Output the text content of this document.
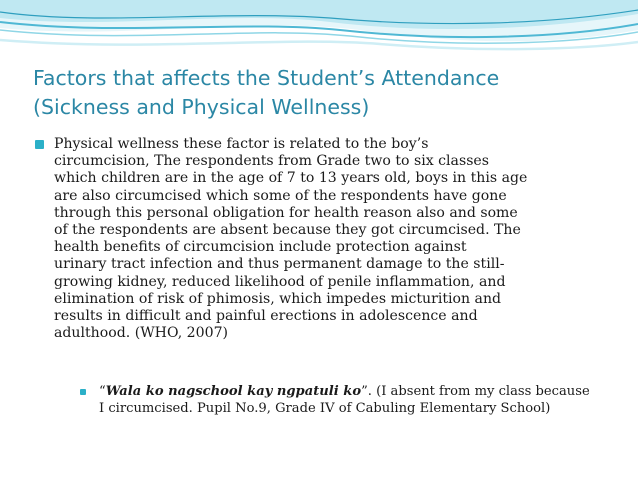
Factors that affects the Student’s Attendance
(Sickness and Physical Wellness)
Physical wellness these factor is related to the boy’s
circumcision, The respondents from Grade two to six classes
which children are in the age of 7 to 13 years old, boys in this age
are also circumcised which some of the respondents have gone
through this personal obligation for health reason also and some
of the respondents are absent because they got circumcised. The
health benefits of circumcision include protection against
urinary tract infection and thus permanent damage to the still-
growing kidney, reduced likelihood of penile inflammation, and
elimination of risk of phimosis, which impedes micturition and
results in difficult and painful erections in adolescence and
adulthood. (WHO, 2007)
“Wala ko nagschool kay ngpatuli ko”. (I absent from my class because
I circumcised. Pupil No.9, Grade IV of Cabuling Elementary School)
